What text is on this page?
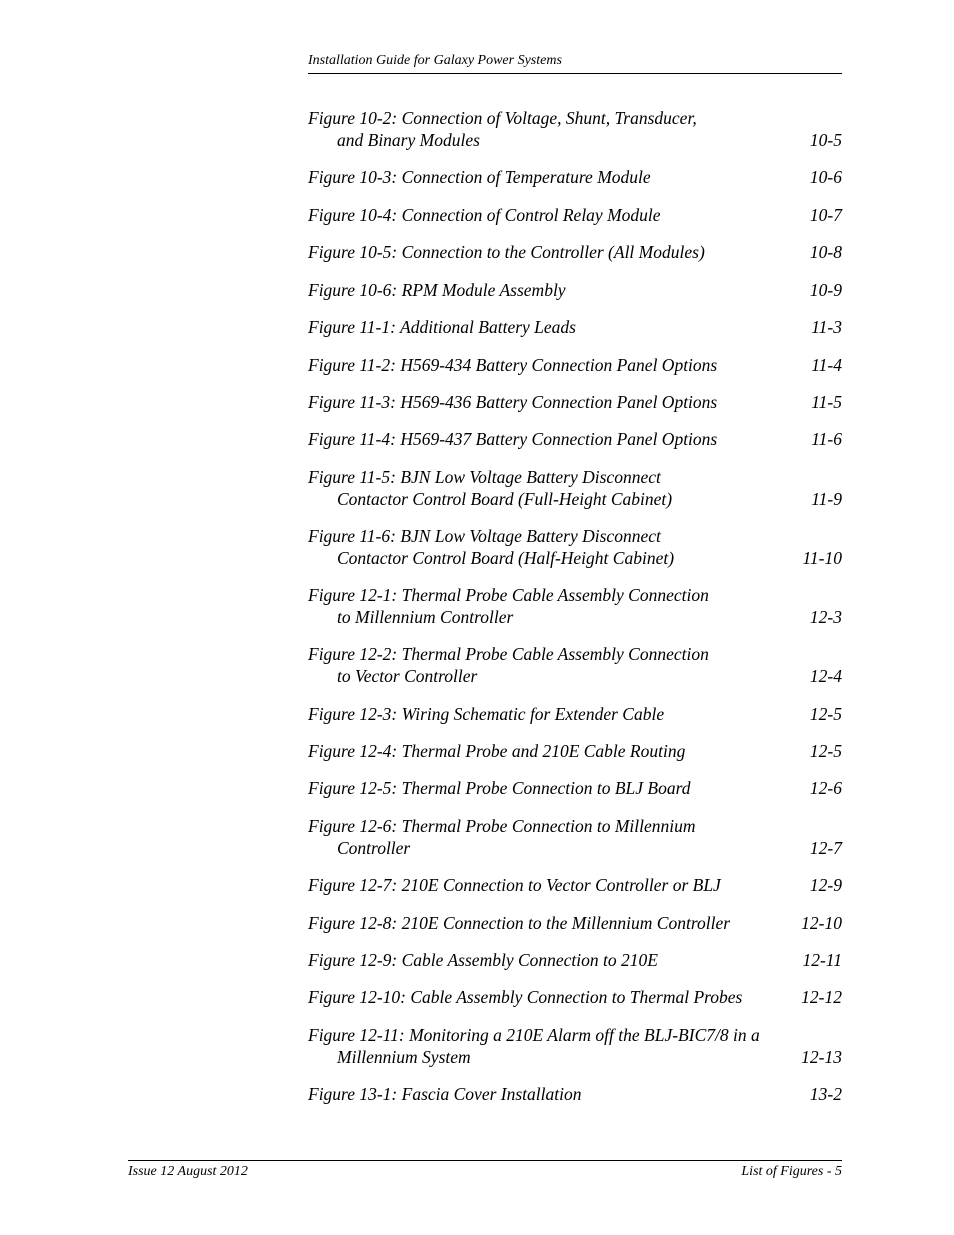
Installation Guide for Galaxy Power Systems
Figure 10-2: Connection of Voltage, Shunt, Transducer,
and Binary Modules	10-5
Figure 10-3: Connection of Temperature Module	10-6
Figure 10-4: Connection of Control Relay Module	10-7
Figure 10-5: Connection to the Controller (All Modules)	10-8
Figure 10-6: RPM Module Assembly	10-9
Figure 11-1: Additional Battery Leads	11-3
Figure 11-2: H569-434 Battery Connection Panel Options	11-4
Figure 11-3: H569-436 Battery Connection Panel Options	11-5
Figure 11-4: H569-437 Battery Connection Panel Options	11-6
Figure 11-5: BJN Low Voltage Battery Disconnect
Contactor Control Board (Full-Height Cabinet)	11-9
Figure 11-6: BJN Low Voltage Battery Disconnect
Contactor Control Board (Half-Height Cabinet)	11-10
Figure 12-1: Thermal Probe Cable Assembly Connection
to Millennium Controller	12-3
Figure 12-2: Thermal Probe Cable Assembly Connection
to Vector Controller	12-4
Figure 12-3: Wiring Schematic for Extender Cable	12-5
Figure 12-4: Thermal Probe and 210E Cable Routing	12-5
Figure 12-5: Thermal Probe Connection to BLJ Board	12-6
Figure 12-6: Thermal Probe Connection to Millennium
Controller	12-7
Figure 12-7: 210E Connection to Vector Controller or BLJ	12-9
Figure 12-8: 210E Connection to the Millennium Controller	12-10
Figure 12-9: Cable Assembly Connection to 210E	12-11
Figure 12-10: Cable Assembly Connection to Thermal Probes	12-12
Figure 12-11: Monitoring a 210E Alarm off the BLJ-BIC7/8 in a
Millennium System	12-13
Figure 13-1: Fascia Cover Installation	13-2
Issue 12 August 2012	List of Figures - 5
